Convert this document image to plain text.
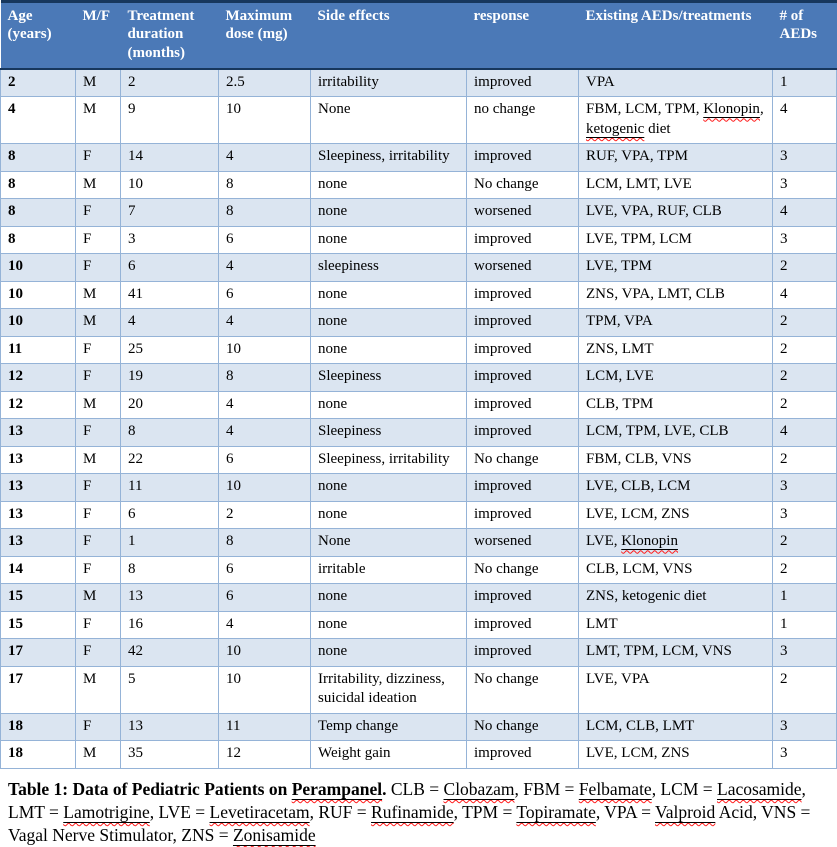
Age (years)	M/F	Treatment duration (months)	Maximum dose (mg)	Side effects	response	Existing AEDs/treatments	# of AEDs
2	M	2	2.5	irritability	improved	VPA	1
4	M	9	10	None	no change	FBM, LCM, TPM, Klonopin, ketogenic diet	4
8	F	14	4	Sleepiness, irritability	improved	RUF, VPA, TPM	3
8	M	10	8	none	No change	LCM, LMT, LVE	3
8	F	7	8	none	worsened	LVE, VPA, RUF, CLB	4
8	F	3	6	none	improved	LVE, TPM, LCM	3
10	F	6	4	sleepiness	worsened	LVE, TPM	2
10	M	41	6	none	improved	ZNS, VPA, LMT, CLB	4
10	M	4	4	none	improved	TPM, VPA	2
11	F	25	10	none	improved	ZNS, LMT	2
12	F	19	8	Sleepiness	improved	LCM, LVE	2
12	M	20	4	none	improved	CLB, TPM	2
13	F	8	4	Sleepiness	improved	LCM, TPM, LVE, CLB	4
13	M	22	6	Sleepiness, irritability	No change	FBM, CLB, VNS	2
13	F	11	10	none	improved	LVE, CLB, LCM	3
13	F	6	2	none	improved	LVE, LCM, ZNS	3
13	F	1	8	None	worsened	LVE, Klonopin	2
14	F	8	6	irritable	No change	CLB, LCM, VNS	2
15	M	13	6	none	improved	ZNS, ketogenic diet	1
15	F	16	4	none	improved	LMT	1
17	F	42	10	none	improved	LMT, TPM, LCM, VNS	3
17	M	5	10	Irritability, dizziness, suicidal ideation	No change	LVE, VPA	2
18	F	13	11	Temp change	No change	LCM, CLB, LMT	3
18	M	35	12	Weight gain	improved	LVE, LCM, ZNS	3
Table 1: Data of Pediatric Patients on Perampanel. CLB = Clobazam, FBM = Felbamate, LCM = Lacosamide, LMT = Lamotrigine, LVE = Levetiracetam, RUF = Rufinamide, TPM = Topiramate, VPA = Valproid Acid, VNS = Vagal Nerve Stimulator, ZNS = Zonisamide
